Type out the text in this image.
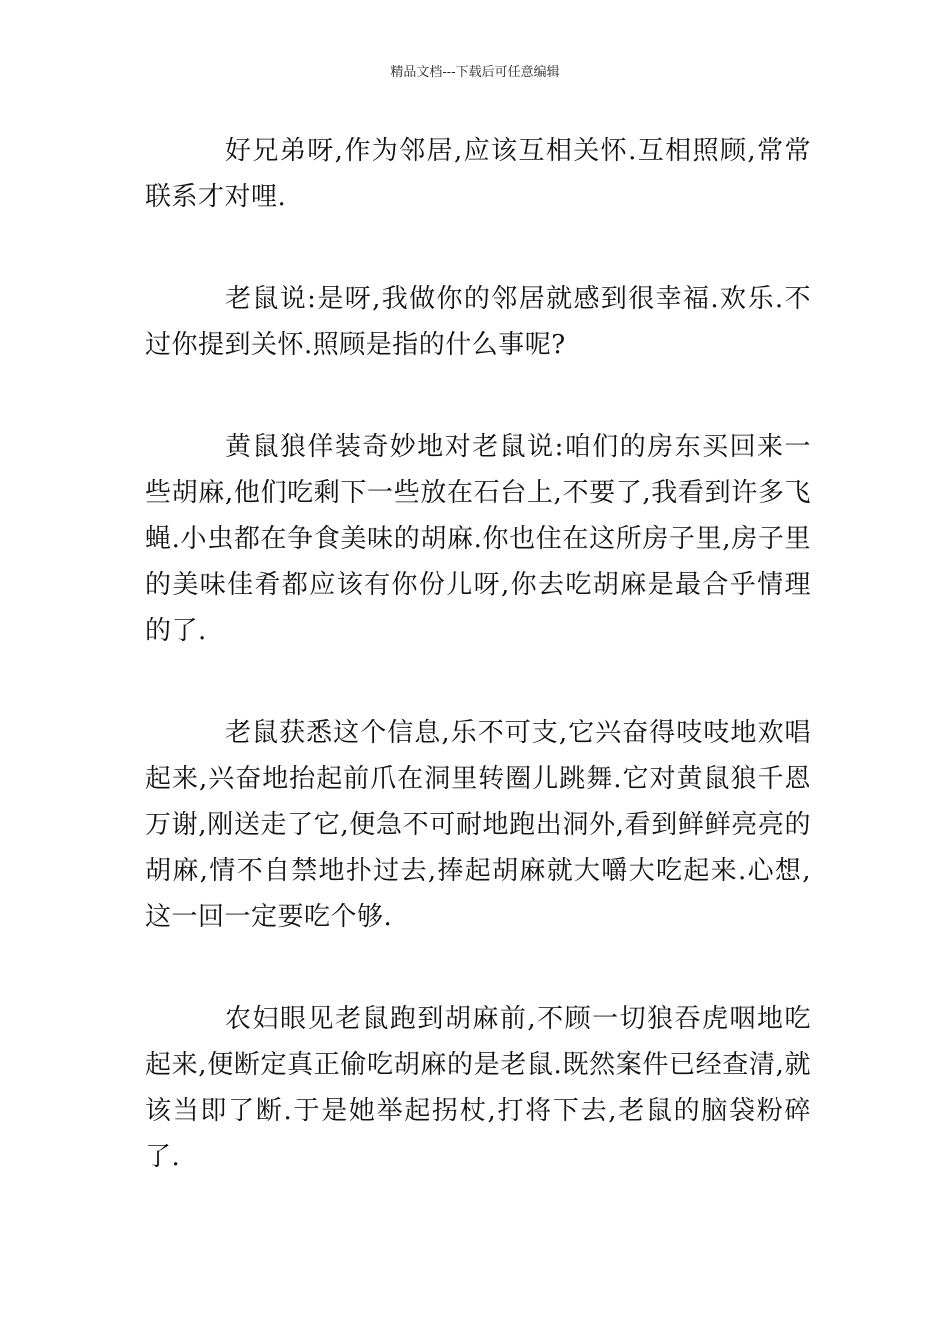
精品文档---下载后可任意编辑

好兄弟呀,作为邻居,应该互相关怀.互相照顾,常常联系才对哩.

老鼠说:是呀,我做你的邻居就感到很幸福.欢乐.不过你提到关怀.照顾是指的什么事呢?

黄鼠狼佯装奇妙地对老鼠说:咱们的房东买回来一些胡麻,他们吃剩下一些放在石台上,不要了,我看到许多飞蝇.小虫都在争食美味的胡麻.你也住在这所房子里,房子里的美味佳肴都应该有你份儿呀,你去吃胡麻是最合乎情理的了.

老鼠获悉这个信息,乐不可支,它兴奋得吱吱地欢唱起来,兴奋地抬起前爪在洞里转圈儿跳舞.它对黄鼠狼千恩万谢,刚送走了它,便急不可耐地跑出洞外,看到鲜鲜亮亮的胡麻,情不自禁地扑过去,捧起胡麻就大嚼大吃起来.心想,这一回一定要吃个够.

农妇眼见老鼠跑到胡麻前,不顾一切狼吞虎咽地吃起来,便断定真正偷吃胡麻的是老鼠.既然案件已经查清,就该当即了断.于是她举起拐杖,打将下去,老鼠的脑袋粉碎了.
